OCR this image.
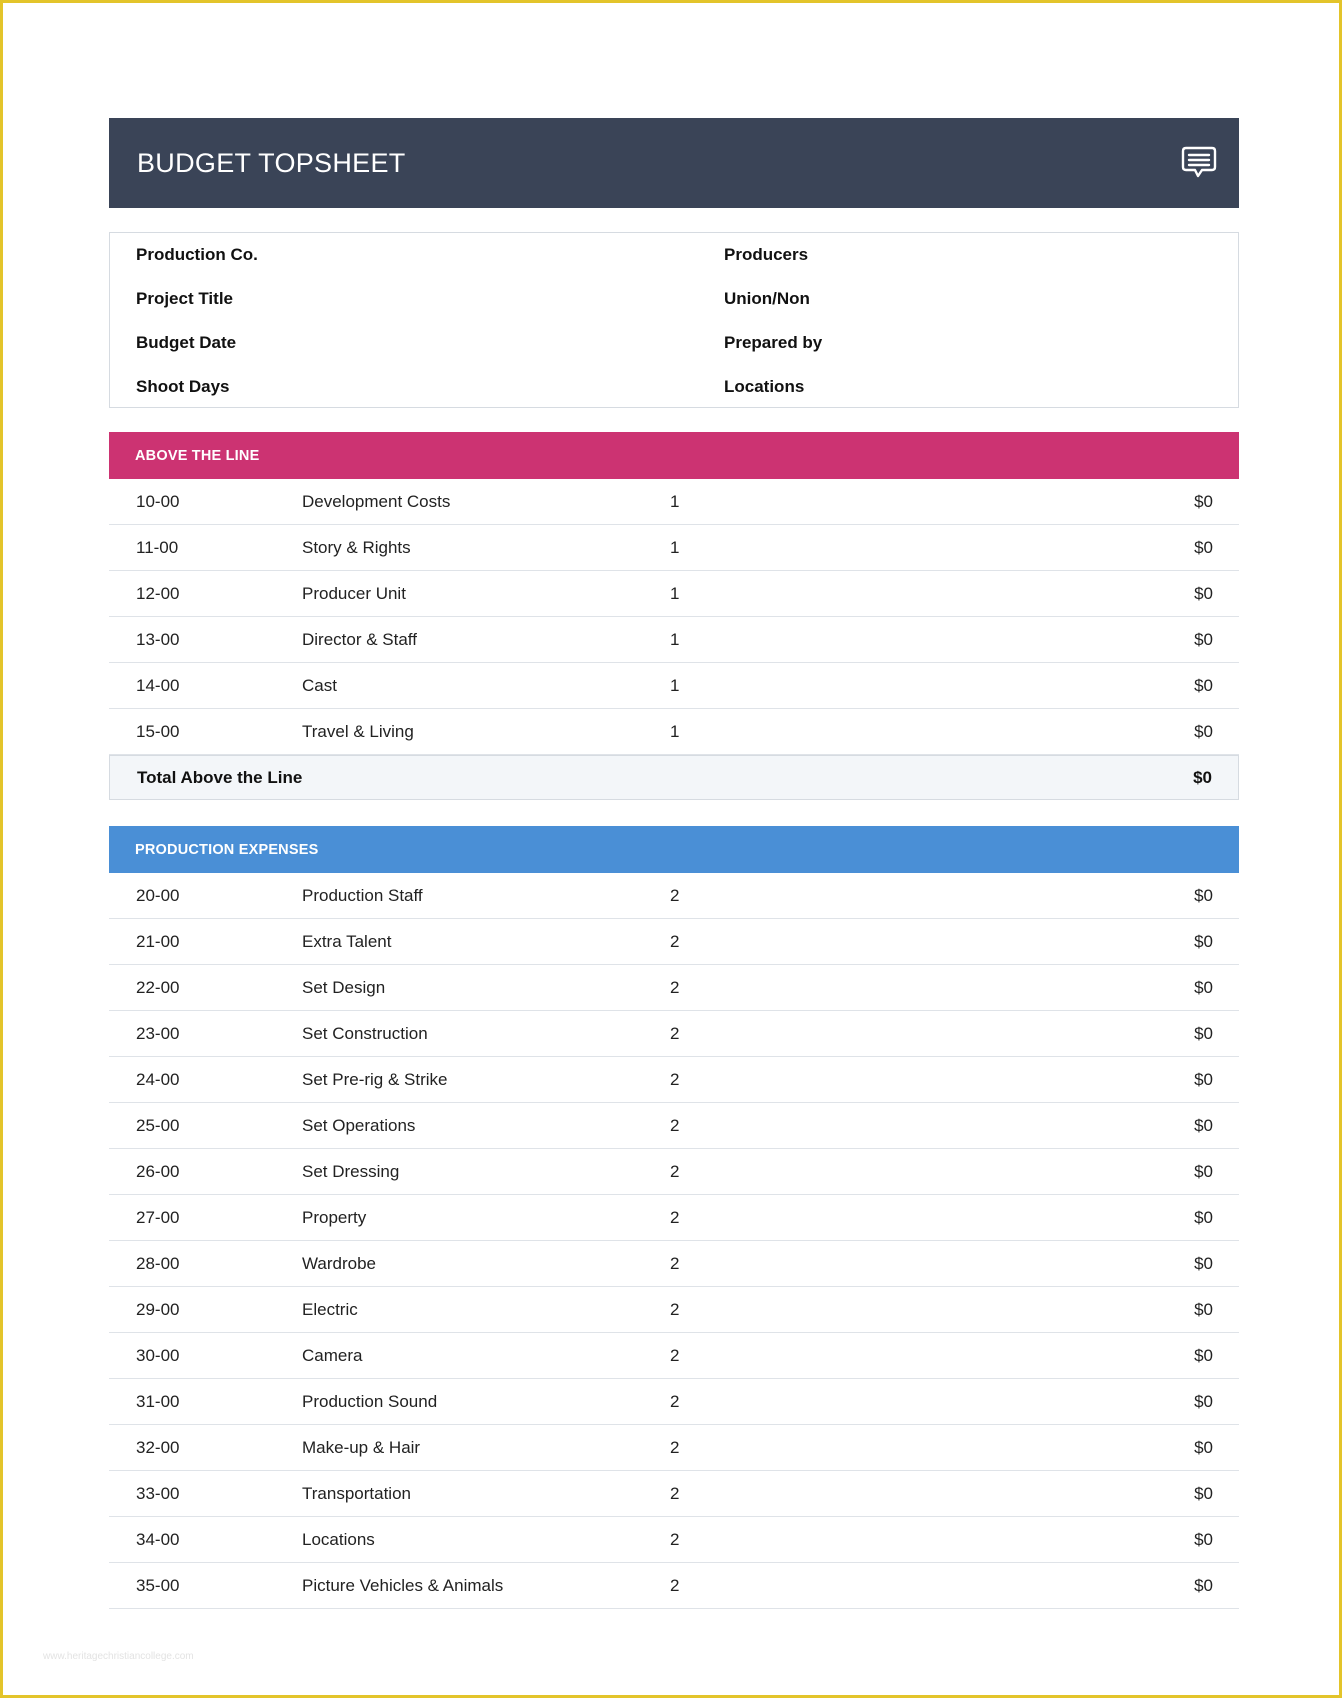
BUDGET TOPSHEET
Production Co.
Project Title
Budget Date
Shoot Days
Producers
Union/Non
Prepared by
Locations
ABOVE THE LINE
10-00	Development Costs	1	$0
11-00	Story & Rights	1	$0
12-00	Producer Unit	1	$0
13-00	Director & Staff	1	$0
14-00	Cast	1	$0
15-00	Travel & Living	1	$0
Total Above the Line	$0
PRODUCTION EXPENSES
20-00	Production Staff	2	$0
21-00	Extra Talent	2	$0
22-00	Set Design	2	$0
23-00	Set Construction	2	$0
24-00	Set Pre-rig & Strike	2	$0
25-00	Set Operations	2	$0
26-00	Set Dressing	2	$0
27-00	Property	2	$0
28-00	Wardrobe	2	$0
29-00	Electric	2	$0
30-00	Camera	2	$0
31-00	Production Sound	2	$0
32-00	Make-up & Hair	2	$0
33-00	Transportation	2	$0
34-00	Locations	2	$0
35-00	Picture Vehicles & Animals	2	$0
www.heritagechristiancollege.com
